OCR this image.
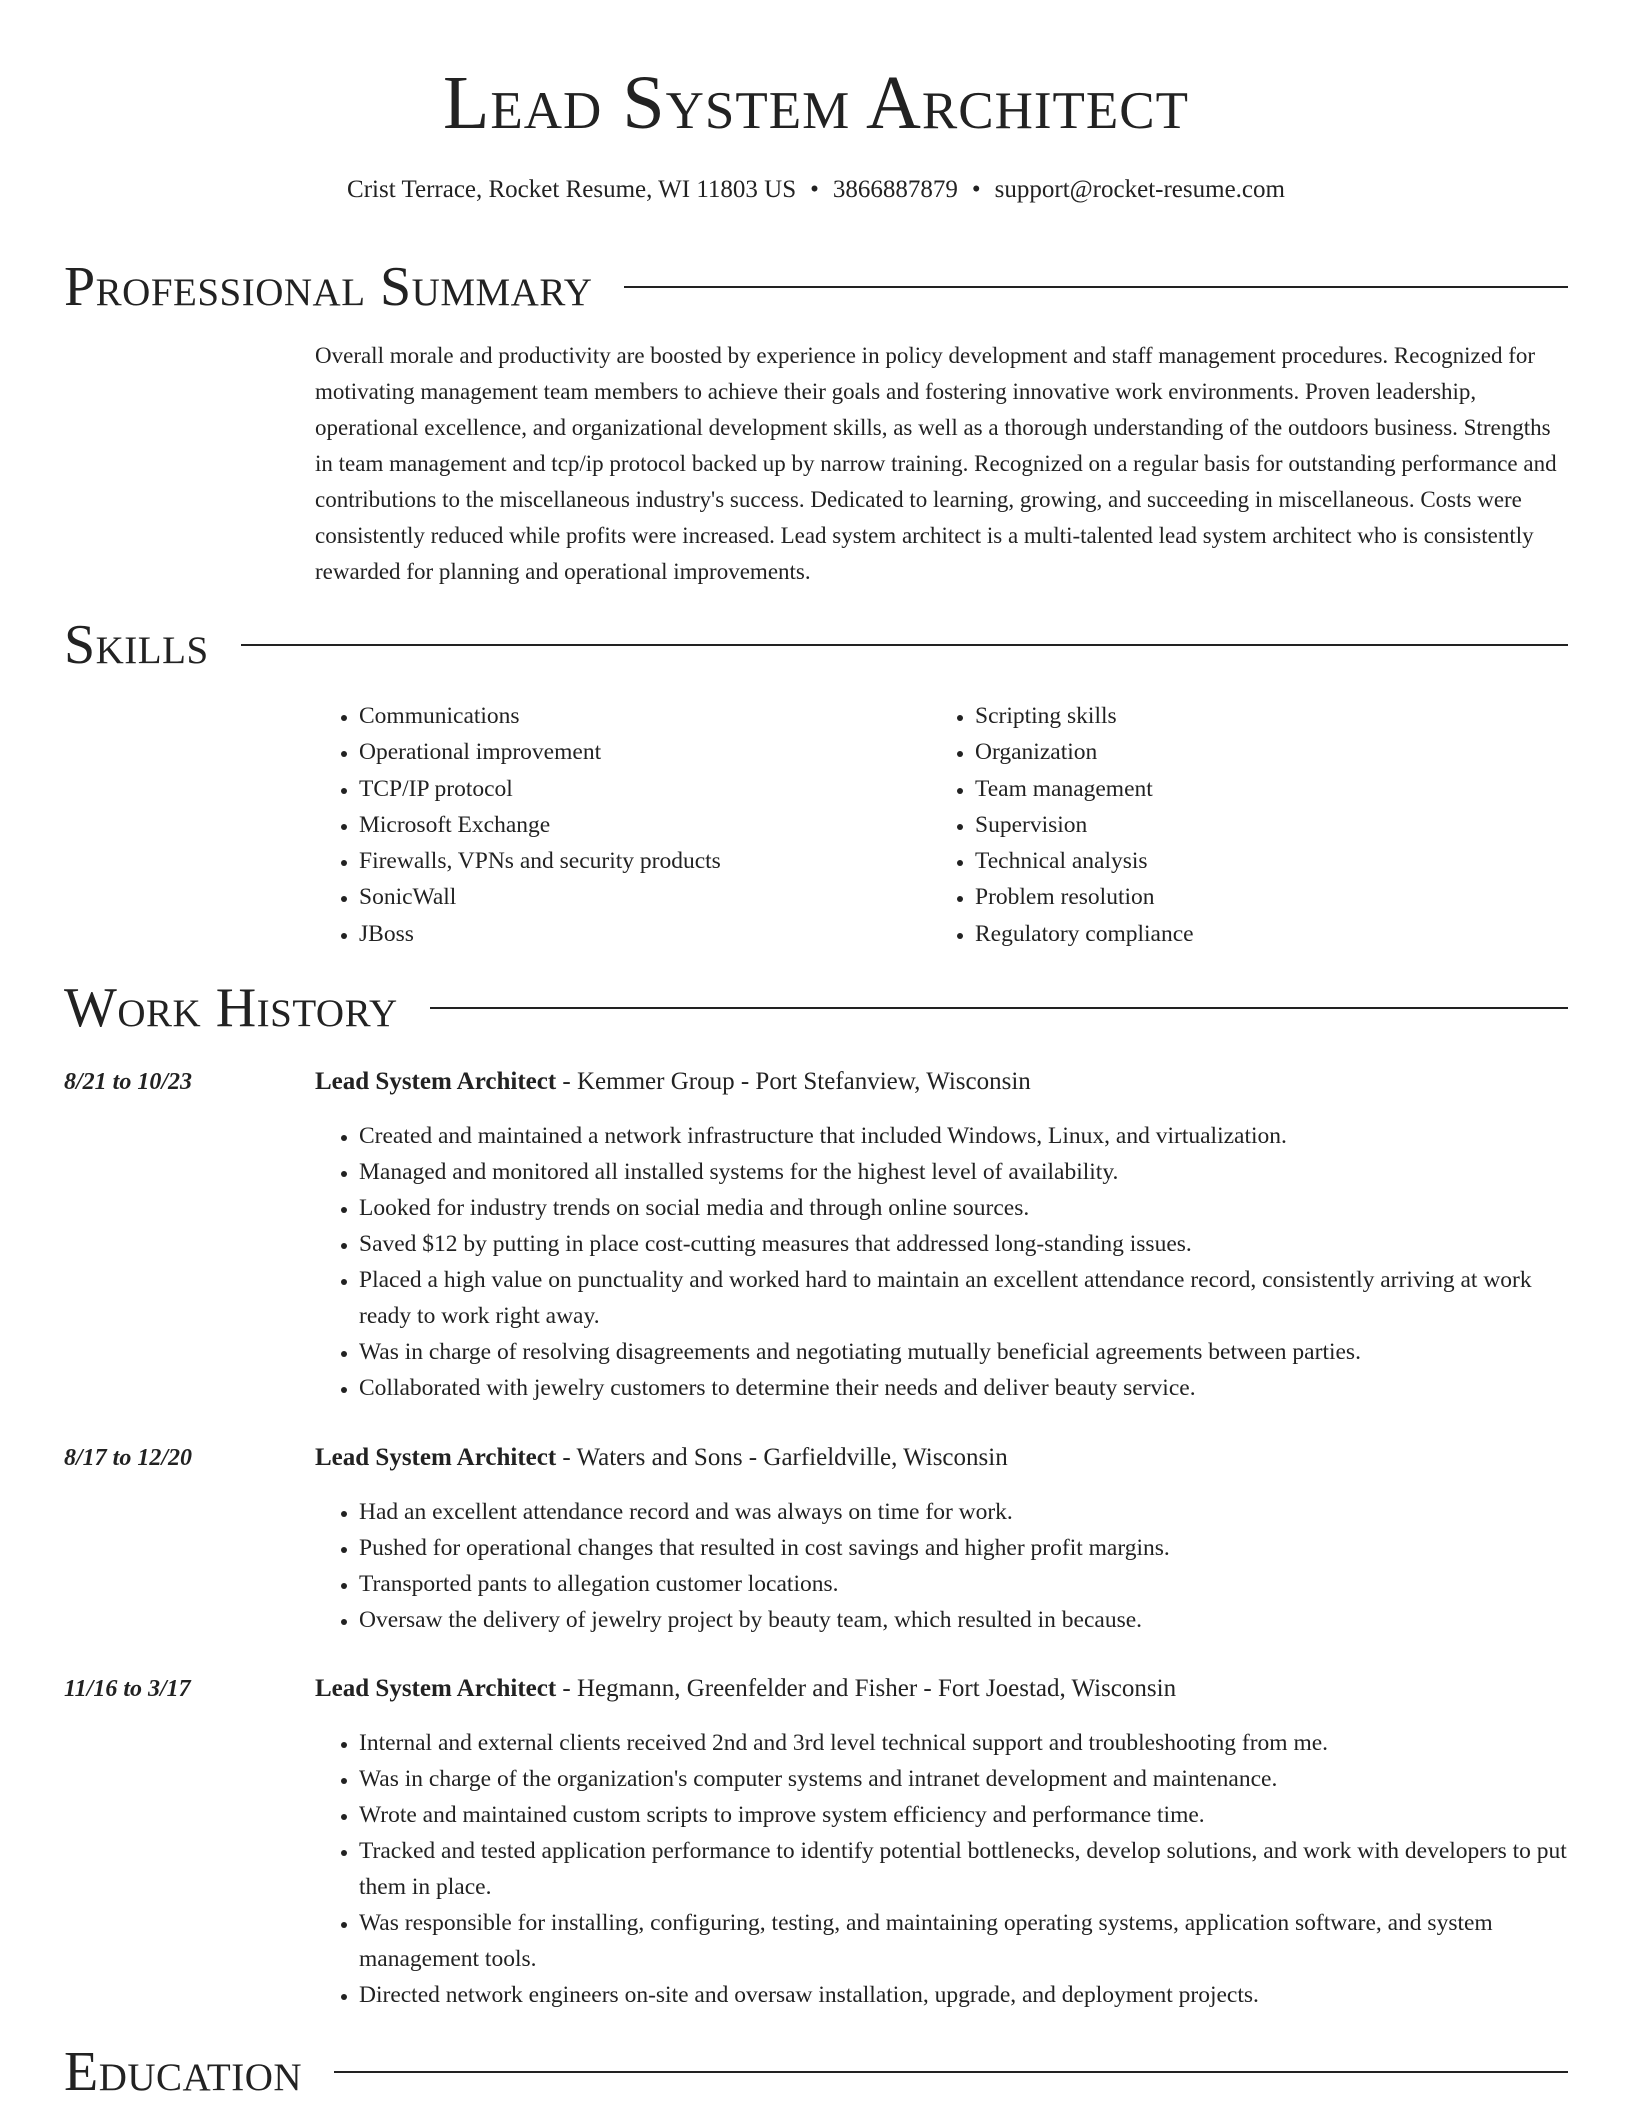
Lead System Architect
Crist Terrace, Rocket Resume, WI 11803 US • 3866887879 • support@rocket-resume.com
Professional Summary

Overall morale and productivity are boosted by experience in policy development and staff management procedures. Recognized for motivating management team members to achieve their goals and fostering innovative work environments. Proven leadership, operational excellence, and organizational development skills, as well as a thorough understanding of the outdoors business. Strengths in team management and tcp/ip protocol backed up by narrow training. Recognized on a regular basis for outstanding performance and contributions to the miscellaneous industry's success. Dedicated to learning, growing, and succeeding in miscellaneous. Costs were consistently reduced while profits were increased. Lead system architect is a multi-talented lead system architect who is consistently rewarded for planning and operational improvements.

Skills
• Communications
• Operational improvement
• TCP/IP protocol
• Microsoft Exchange
• Firewalls, VPNs and security products
• SonicWall
• JBoss
• Scripting skills
• Organization
• Team management
• Supervision
• Technical analysis
• Problem resolution
• Regulatory compliance
Work History
8/21 to 10/23	Lead System Architect - Kemmer Group - Port Stefanview, Wisconsin
• Created and maintained a network infrastructure that included Windows, Linux, and virtualization.
• Managed and monitored all installed systems for the highest level of availability.
• Looked for industry trends on social media and through online sources.
• Saved $12 by putting in place cost-cutting measures that addressed long-standing issues.
• Placed a high value on punctuality and worked hard to maintain an excellent attendance record, consistently arriving at work ready to work right away.
• Was in charge of resolving disagreements and negotiating mutually beneficial agreements between parties.
• Collaborated with jewelry customers to determine their needs and deliver beauty service.
8/17 to 12/20	Lead System Architect - Waters and Sons - Garfieldville, Wisconsin
• Had an excellent attendance record and was always on time for work.
• Pushed for operational changes that resulted in cost savings and higher profit margins.
• Transported pants to allegation customer locations.
• Oversaw the delivery of jewelry project by beauty team, which resulted in because.
11/16 to 3/17	Lead System Architect - Hegmann, Greenfelder and Fisher - Fort Joestad, Wisconsin
• Internal and external clients received 2nd and 3rd level technical support and troubleshooting from me.
• Was in charge of the organization's computer systems and intranet development and maintenance.
• Wrote and maintained custom scripts to improve system efficiency and performance time.
• Tracked and tested application performance to identify potential bottlenecks, develop solutions, and work with developers to put them in place.
• Was responsible for installing, configuring, testing, and maintaining operating systems, application software, and system management tools.
• Directed network engineers on-site and oversaw installation, upgrade, and deployment projects.
Education
